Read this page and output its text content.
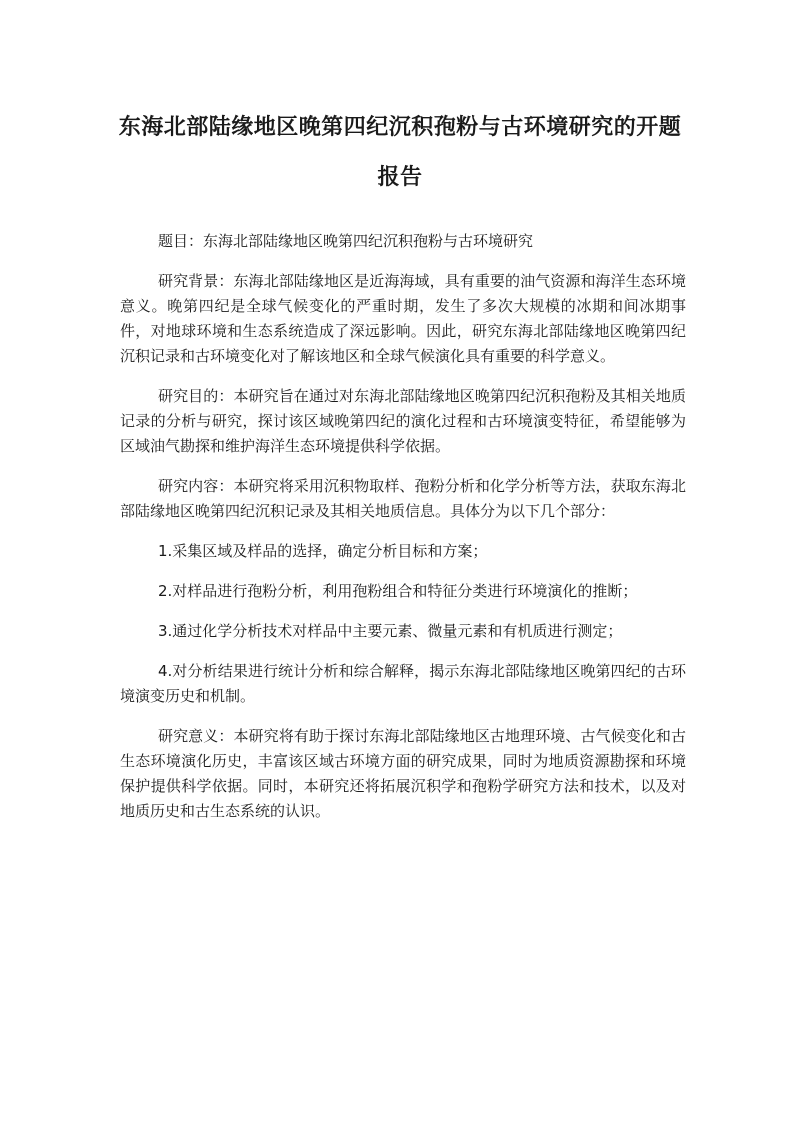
东海北部陆缘地区晚第四纪沉积孢粉与古环境研究的开题
报告

题目：东海北部陆缘地区晚第四纪沉积孢粉与古环境研究

研究背景：东海北部陆缘地区是近海海域，具有重要的油气资源和海洋生态环境意义。晚第四纪是全球气候变化的严重时期，发生了多次大规模的冰期和间冰期事件，对地球环境和生态系统造成了深远影响。因此，研究东海北部陆缘地区晚第四纪沉积记录和古环境变化对了解该地区和全球气候演化具有重要的科学意义。

研究目的：本研究旨在通过对东海北部陆缘地区晚第四纪沉积孢粉及其相关地质记录的分析与研究，探讨该区域晚第四纪的演化过程和古环境演变特征，希望能够为区域油气勘探和维护海洋生态环境提供科学依据。

研究内容：本研究将采用沉积物取样、孢粉分析和化学分析等方法，获取东海北部陆缘地区晚第四纪沉积记录及其相关地质信息。具体分为以下几个部分：

1.采集区域及样品的选择，确定分析目标和方案；

2.对样品进行孢粉分析，利用孢粉组合和特征分类进行环境演化的推断；

3.通过化学分析技术对样品中主要元素、微量元素和有机质进行测定；

4.对分析结果进行统计分析和综合解释，揭示东海北部陆缘地区晚第四纪的古环境演变历史和机制。

研究意义：本研究将有助于探讨东海北部陆缘地区古地理环境、古气候变化和古生态环境演化历史，丰富该区域古环境方面的研究成果，同时为地质资源勘探和环境保护提供科学依据。同时，本研究还将拓展沉积学和孢粉学研究方法和技术，以及对地质历史和古生态系统的认识。
